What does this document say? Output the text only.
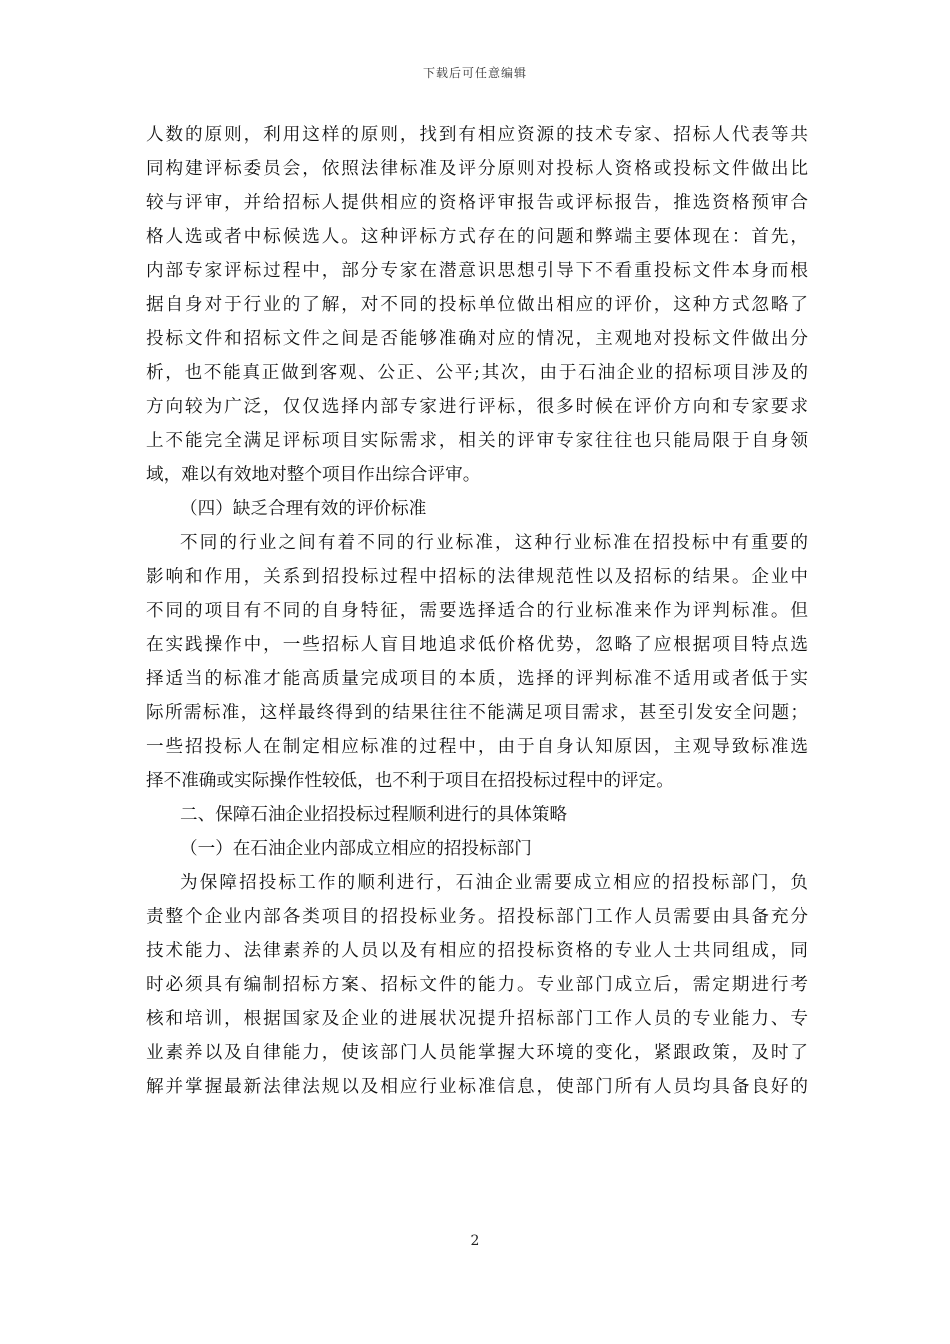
下载后可任意编辑
人数的原则，利用这样的原则，找到有相应资源的技术专家、招标人代表等共
同构建评标委员会，依照法律标准及评分原则对投标人资格或投标文件做出比
较与评审，并给招标人提供相应的资格评审报告或评标报告，推选资格预审合
格人选或者中标候选人。这种评标方式存在的问题和弊端主要体现在：首先，
内部专家评标过程中，部分专家在潜意识思想引导下不看重投标文件本身而根
据自身对于行业的了解，对不同的投标单位做出相应的评价，这种方式忽略了
投标文件和招标文件之间是否能够准确对应的情况，主观地对投标文件做出分
析，也不能真正做到客观、公正、公平;其次，由于石油企业的招标项目涉及的
方向较为广泛，仅仅选择内部专家进行评标，很多时候在评价方向和专家要求
上不能完全满足评标项目实际需求，相关的评审专家往往也只能局限于自身领
域，难以有效地对整个项目作出综合评审。
（四）缺乏合理有效的评价标准
不同的行业之间有着不同的行业标准，这种行业标准在招投标中有重要的
影响和作用，关系到招投标过程中招标的法律规范性以及招标的结果。企业中
不同的项目有不同的自身特征，需要选择适合的行业标准来作为评判标准。但
在实践操作中，一些招标人盲目地追求低价格优势，忽略了应根据项目特点选
择适当的标准才能高质量完成项目的本质，选择的评判标准不适用或者低于实
际所需标准，这样最终得到的结果往往不能满足项目需求，甚至引发安全问题；
一些招投标人在制定相应标准的过程中，由于自身认知原因，主观导致标准选
择不准确或实际操作性较低，也不利于项目在招投标过程中的评定。
二、保障石油企业招投标过程顺利进行的具体策略
（一）在石油企业内部成立相应的招投标部门
为保障招投标工作的顺利进行，石油企业需要成立相应的招投标部门，负
责整个企业内部各类项目的招投标业务。招投标部门工作人员需要由具备充分
技术能力、法律素养的人员以及有相应的招投标资格的专业人士共同组成，同
时必须具有编制招标方案、招标文件的能力。专业部门成立后，需定期进行考
核和培训，根据国家及企业的进展状况提升招标部门工作人员的专业能力、专
业素养以及自律能力，使该部门人员能掌握大环境的变化，紧跟政策，及时了
解并掌握最新法律法规以及相应行业标准信息，使部门所有人员均具备良好的
2
